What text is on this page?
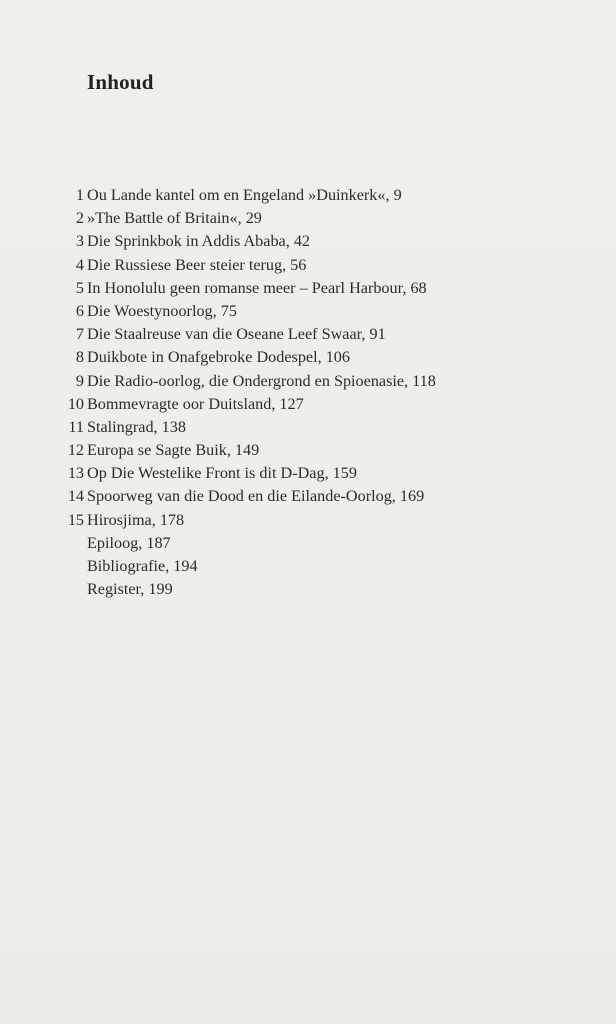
Inhoud
1 Ou Lande kantel om en Engeland »Duinkerk«, 9
2 »The Battle of Britain«, 29
3 Die Sprinkbok in Addis Ababa, 42
4 Die Russiese Beer steier terug, 56
5 In Honolulu geen romanse meer – Pearl Harbour, 68
6 Die Woestynoorlog, 75
7 Die Staalreuse van die Oseane Leef Swaar, 91
8 Duikbote in Onafgebroke Dodespel, 106
9 Die Radio-oorlog, die Ondergrond en Spioenasie, 118
10 Bommevragte oor Duitsland, 127
11 Stalingrad, 138
12 Europa se Sagte Buik, 149
13 Op Die Westelike Front is dit D-Dag, 159
14 Spoorweg van die Dood en die Eilande-Oorlog, 169
15 Hirosjima, 178
Epiloog, 187
Bibliografie, 194
Register, 199
